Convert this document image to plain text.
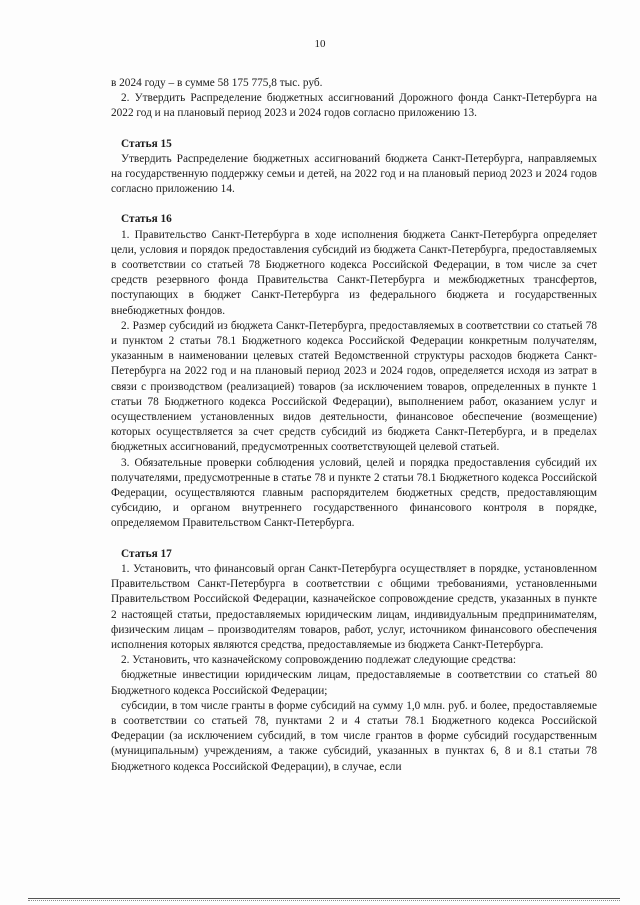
10

в 2024 году – в сумме 58 175 775,8 тыс. руб.

2. Утвердить Распределение бюджетных ассигнований Дорожного фонда Санкт-Петербурга на 2022 год и на плановый период 2023 и 2024 годов согласно приложению 13.

Статья 15

Утвердить Распределение бюджетных ассигнований бюджета Санкт-Петербурга, направляемых на государственную поддержку семьи и детей, на 2022 год и на плановый период 2023 и 2024 годов согласно приложению 14.

Статья 16

1. Правительство Санкт-Петербурга в ходе исполнения бюджета Санкт-Петербурга определяет цели, условия и порядок предоставления субсидий из бюджета Санкт-Петербурга, предоставляемых в соответствии со статьей 78 Бюджетного кодекса Российской Федерации, в том числе за счет средств резервного фонда Правительства Санкт-Петербурга и межбюджетных трансфертов, поступающих в бюджет Санкт-Петербурга из федерального бюджета и государственных внебюджетных фондов.

2. Размер субсидий из бюджета Санкт-Петербурга, предоставляемых в соответствии со статьей 78 и пунктом 2 статьи 78.1 Бюджетного кодекса Российской Федерации конкретным получателям, указанным в наименовании целевых статей Ведомственной структуры расходов бюджета Санкт-Петербурга на 2022 год и на плановый период 2023 и 2024 годов, определяется исходя из затрат в связи с производством (реализацией) товаров (за исключением товаров, определенных в пункте 1 статьи 78 Бюджетного кодекса Российской Федерации), выполнением работ, оказанием услуг и осуществлением установленных видов деятельности, финансовое обеспечение (возмещение) которых осуществляется за счет средств субсидий из бюджета Санкт-Петербурга, и в пределах бюджетных ассигнований, предусмотренных соответствующей целевой статьей.

3. Обязательные проверки соблюдения условий, целей и порядка предоставления субсидий их получателями, предусмотренные в статье 78 и пункте 2 статьи 78.1 Бюджетного кодекса Российской Федерации, осуществляются главным распорядителем бюджетных средств, предоставляющим субсидию, и органом внутреннего государственного финансового контроля в порядке, определяемом Правительством Санкт-Петербурга.

Статья 17

1. Установить, что финансовый орган Санкт-Петербурга осуществляет в порядке, установленном Правительством Санкт-Петербурга в соответствии с общими требованиями, установленными Правительством Российской Федерации, казначейское сопровождение средств, указанных в пункте 2 настоящей статьи, предоставляемых юридическим лицам, индивидуальным предпринимателям, физическим лицам – производителям товаров, работ, услуг, источником финансового обеспечения исполнения которых являются средства, предоставляемые из бюджета Санкт-Петербурга.

2. Установить, что казначейскому сопровождению подлежат следующие средства:

бюджетные инвестиции юридическим лицам, предоставляемые в соответствии со статьей 80 Бюджетного кодекса Российской Федерации;

субсидии, в том числе гранты в форме субсидий на сумму 1,0 млн. руб. и более, предоставляемые в соответствии со статьей 78, пунктами 2 и 4 статьи 78.1 Бюджетного кодекса Российской Федерации (за исключением субсидий, в том числе грантов в форме субсидий государственным (муниципальным) учреждениям, а также субсидий, указанных в пунктах 6, 8 и 8.1 статьи 78 Бюджетного кодекса Российской Федерации), в случае, если
